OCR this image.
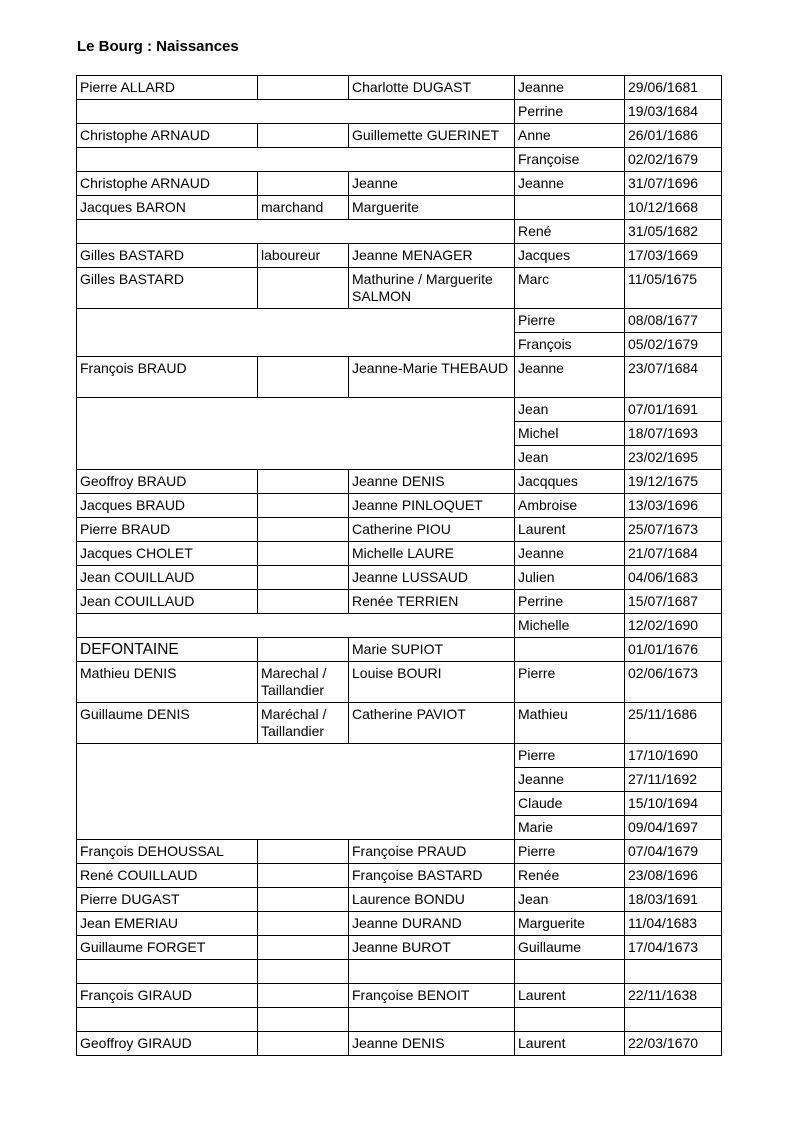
Le Bourg : Naissances
Pierre ALLARD		Charlotte DUGAST	Jeanne	29/06/1681
			Perrine	19/03/1684
Christophe ARNAUD		Guillemette GUERINET	Anne	26/01/1686
			Françoise	02/02/1679
Christophe ARNAUD		Jeanne	Jeanne	31/07/1696
Jacques BARON	marchand	Marguerite		10/12/1668
			René	31/05/1682
Gilles BASTARD	laboureur	Jeanne MENAGER	Jacques	17/03/1669
Gilles BASTARD		Mathurine / Marguerite SALMON	Marc	11/05/1675
			Pierre	08/08/1677
			François	05/02/1679
François BRAUD		Jeanne-Marie THEBAUD	Jeanne	23/07/1684
			Jean	07/01/1691
			Michel	18/07/1693
			Jean	23/02/1695
Geoffroy BRAUD		Jeanne DENIS	Jacqques	19/12/1675
Jacques BRAUD		Jeanne PINLOQUET	Ambroise	13/03/1696
Pierre BRAUD		Catherine PIOU	Laurent	25/07/1673
Jacques CHOLET		Michelle LAURE	Jeanne	21/07/1684
Jean COUILLAUD		Jeanne LUSSAUD	Julien	04/06/1683
Jean COUILLAUD		Renée TERRIEN	Perrine	15/07/1687
			Michelle	12/02/1690
DEFONTAINE		Marie SUPIOT		01/01/1676
Mathieu DENIS	Marechal / Taillandier	Louise BOURI	Pierre	02/06/1673
Guillaume DENIS	Maréchal / Taillandier	Catherine PAVIOT	Mathieu	25/11/1686
			Pierre	17/10/1690
			Jeanne	27/11/1692
			Claude	15/10/1694
			Marie	09/04/1697
François DEHOUSSAL		Françoise PRAUD	Pierre	07/04/1679
René COUILLAUD		Françoise BASTARD	Renée	23/08/1696
Pierre DUGAST		Laurence BONDU	Jean	18/03/1691
Jean EMERIAU		Jeanne DURAND	Marguerite	11/04/1683
Guillaume FORGET		Jeanne BUROT	Guillaume	17/04/1673

François GIRAUD		Françoise BENOIT	Laurent	22/11/1638

Geoffroy GIRAUD		Jeanne DENIS	Laurent	22/03/1670
